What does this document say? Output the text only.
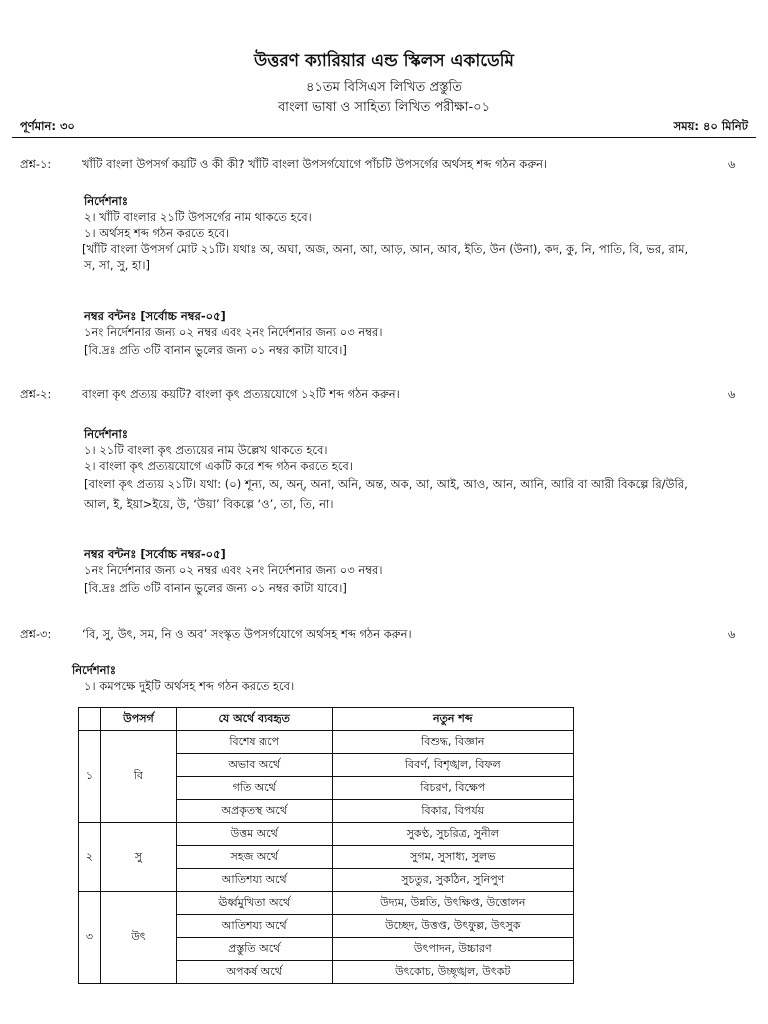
উত্তরণ ক্যারিয়ার এন্ড স্কিলস একাডেমি
৪১তম বিসিএস লিখিত প্রস্তুতি
বাংলা ভাষা ও সাহিত্য লিখিত পরীক্ষা-০১
পূর্ণমান: ৩০	সময়: ৪০ মিনিট
প্রশ্ন-১:	খাঁটি বাংলা উপসর্গ কয়টি ও কী কী? খাঁটি বাংলা উপসর্গযোগে পাঁচটি উপসর্গের অর্থসহ শব্দ গঠন করুন।	৬
নির্দেশনাঃ
২। খাঁটি বাংলার ২১টি উপসর্গের নাম থাকতে হবে।
১। অর্থসহ শব্দ গঠন করতে হবে।
[খাঁটি বাংলা উপসর্গ মোট ২১টি। যথাঃ অ, অঘা, অজ, অনা, আ, আড়, আন, আব, ইতি, উন (উনা), কদ, কু, নি, পাতি, বি, ভর, রাম,
স, সা, সু, হা।]
নম্বর বন্টনঃ [সর্বোচ্চ নম্বর-০৫]
১নং নির্দেশনার জন্য ০২ নম্বর এবং ২নং নির্দেশনার জন্য ০৩ নম্বর।
[বি.দ্রঃ প্রতি ৩টি বানান ভুলের জন্য ০১ নম্বর কাটা যাবে।]
প্রশ্ন-২:	বাংলা কৃৎ প্রত্যয় কয়টি? বাংলা কৃৎ প্রত্যয়যোগে ১২টি শব্দ গঠন করুন।	৬
নির্দেশনাঃ
১। ২১টি বাংলা কৃৎ প্রত্যয়ের নাম উল্লেখ থাকতে হবে।
২। বাংলা কৃৎ প্রত্যয়যোগে একটি করে শব্দ গঠন করতে হবে।
[বাংলা কৃৎ প্রত্যয় ২১টি। যথা: (০) শূন্য, অ, অন্, অনা, অনি, অন্ত, অক, আ, আই, আও, আন, আনি, আরি বা আরী বিকল্পে রি/উরি,
আল, ই, ইয়া>ইয়ে, উ, ‘উয়া’ বিকল্পে ‘ও’, তা, তি, না।
নম্বর বন্টনঃ [সর্বোচ্চ নম্বর-০৫]
১নং নির্দেশনার জন্য ০২ নম্বর এবং ২নং নির্দেশনার জন্য ০৩ নম্বর।
[বি.দ্রঃ প্রতি ৩টি বানান ভুলের জন্য ০১ নম্বর কাটা যাবে।]
প্রশ্ন-৩:	‘বি, সু, উৎ, সম, নি ও অব’ সংস্কৃত উপসর্গযোগে অর্থসহ শব্দ গঠন করুন।	৬
নির্দেশনাঃ
১। কমপক্ষে দুইটি অর্থসহ শব্দ গঠন করতে হবে।
	উপসর্গ	যে অর্থে ব্যবহৃত	নতুন শব্দ
১	বি	বিশেষ রূপে	বিশুদ্ধ, বিজ্ঞান
		অভাব অর্থে	বিবর্ণ, বিশৃঙ্খল, বিফল
		গতি অর্থে	বিচরণ, বিক্ষেপ
		অপ্রকৃতস্থ অর্থে	বিকার, বিপর্যয়
২	সু	উত্তম অর্থে	সুকণ্ঠ, সুচরিত্র, সুনীল
		সহজ অর্থে	সুগম, সুসাধ্য, সুলভ
		আতিশয্য অর্থে	সুচতুর, সুকঠিন, সুনিপুণ
৩	উৎ	ঊর্ধ্বমুখিতা অর্থে	উদ্যম, উন্নতি, উৎক্ষিপ্ত, উত্তোলন
		আতিশয্য অর্থে	উচ্ছেদ, উত্তপ্ত, উৎফুল্ল, উৎসুক
		প্রস্তুতি অর্থে	উৎপাদন, উচ্চারণ
		অপকর্ষ অর্থে	উৎকোচ, উচ্ছৃঙ্খল, উৎকট
